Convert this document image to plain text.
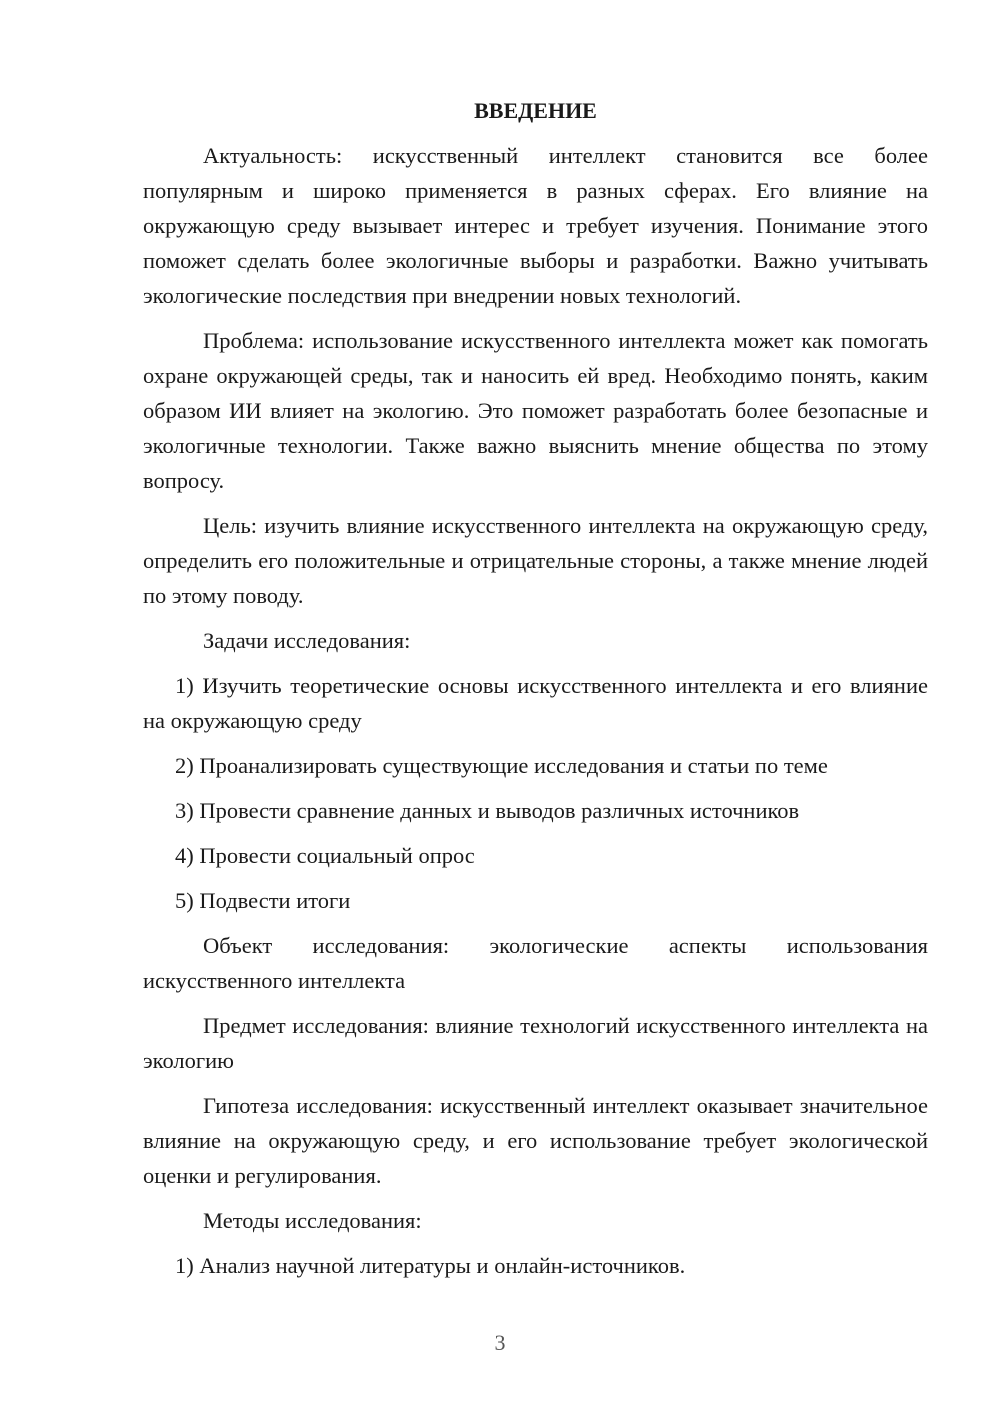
ВВЕДЕНИЕ

Актуальность: искусственный интеллект становится все более популярным и широко применяется в разных сферах. Его влияние на окружающую среду вызывает интерес и требует изучения. Понимание этого поможет сделать более экологичные выборы и разработки. Важно учитывать экологические последствия при внедрении новых технологий.

Проблема: использование искусственного интеллекта может как помогать охране окружающей среды, так и наносить ей вред. Необходимо понять, каким образом ИИ влияет на экологию. Это поможет разработать более безопасные и экологичные технологии. Также важно выяснить мнение общества по этому вопросу.

Цель: изучить влияние искусственного интеллекта на окружающую среду, определить его положительные и отрицательные стороны, а также мнение людей по этому поводу.

Задачи исследования:

1) Изучить теоретические основы искусственного интеллекта и его влияние на окружающую среду

2) Проанализировать существующие исследования и статьи по теме

3) Провести сравнение данных и выводов различных источников

4) Провести социальный опрос

5) Подвести итоги

Объект исследования: экологические аспекты использования искусственного интеллекта

Предмет исследования: влияние технологий искусственного интеллекта на экологию

Гипотеза исследования: искусственный интеллект оказывает значительное влияние на окружающую среду, и его использование требует экологической оценки и регулирования.

Методы исследования:

1) Анализ научной литературы и онлайн-источников.

3
